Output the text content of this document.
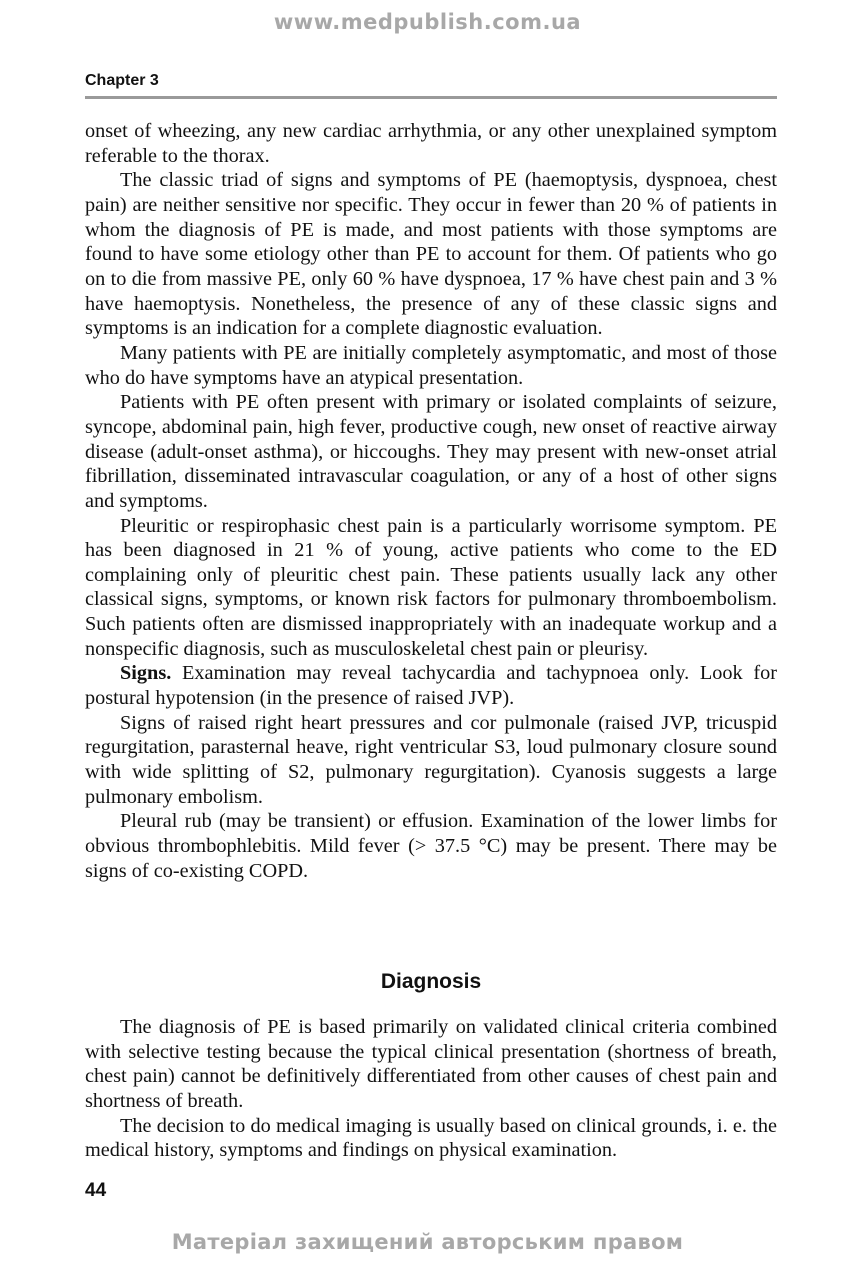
www.medpublish.com.ua
Chapter 3

onset of wheezing, any new cardiac arrhythmia, or any other unexplained symptom referable to the thorax.

The classic triad of signs and symptoms of PE (haemoptysis, dyspnoea, chest pain) are neither sensitive nor specific. They occur in fewer than 20 % of patients in whom the diagnosis of PE is made, and most patients with those symptoms are found to have some etiology other than PE to account for them. Of patients who go on to die from massive PE, only 60 % have dyspnoea, 17 % have chest pain and 3 % have haemoptysis. Nonetheless, the presence of any of these classic signs and symptoms is an indication for a complete diagnostic evaluation.

Many patients with PE are initially completely asymptomatic, and most of those who do have symptoms have an atypical presentation.

Patients with PE often present with primary or isolated complaints of seizure, syncope, abdominal pain, high fever, productive cough, new onset of reactive airway disease (adult-onset asthma), or hiccoughs. They may present with new-onset atrial fibrillation, disseminated intravascular coagulation, or any of a host of other signs and symptoms.

Pleuritic or respirophasic chest pain is a particularly worrisome symptom. PE has been diagnosed in 21 % of young, active patients who come to the ED complaining only of pleuritic chest pain. These patients usually lack any other classical signs, symptoms, or known risk factors for pulmonary thromboembolism. Such patients often are dismissed inappropriately with an inadequate workup and a nonspecific diagnosis, such as musculoskeletal chest pain or pleurisy.

Signs. Examination may reveal tachycardia and tachypnoea only. Look for postural hypotension (in the presence of raised JVP).

Signs of raised right heart pressures and cor pulmonale (raised JVP, tricuspid regurgitation, parasternal heave, right ventricular S3, loud pulmonary closure sound with wide splitting of S2, pulmonary regurgitation). Cyanosis suggests a large pulmonary embolism.

Pleural rub (may be transient) or effusion. Examination of the lower limbs for obvious thrombophlebitis. Mild fever (> 37.5 °C) may be present. There may be signs of co-existing COPD.

Diagnosis

The diagnosis of PE is based primarily on validated clinical criteria combined with selective testing because the typical clinical presentation (shortness of breath, chest pain) cannot be definitively differentiated from other causes of chest pain and shortness of breath.

The decision to do medical imaging is usually based on clinical grounds, i. e. the medical history, symptoms and findings on physical examination.

44
Матеріал захищений авторським правом
